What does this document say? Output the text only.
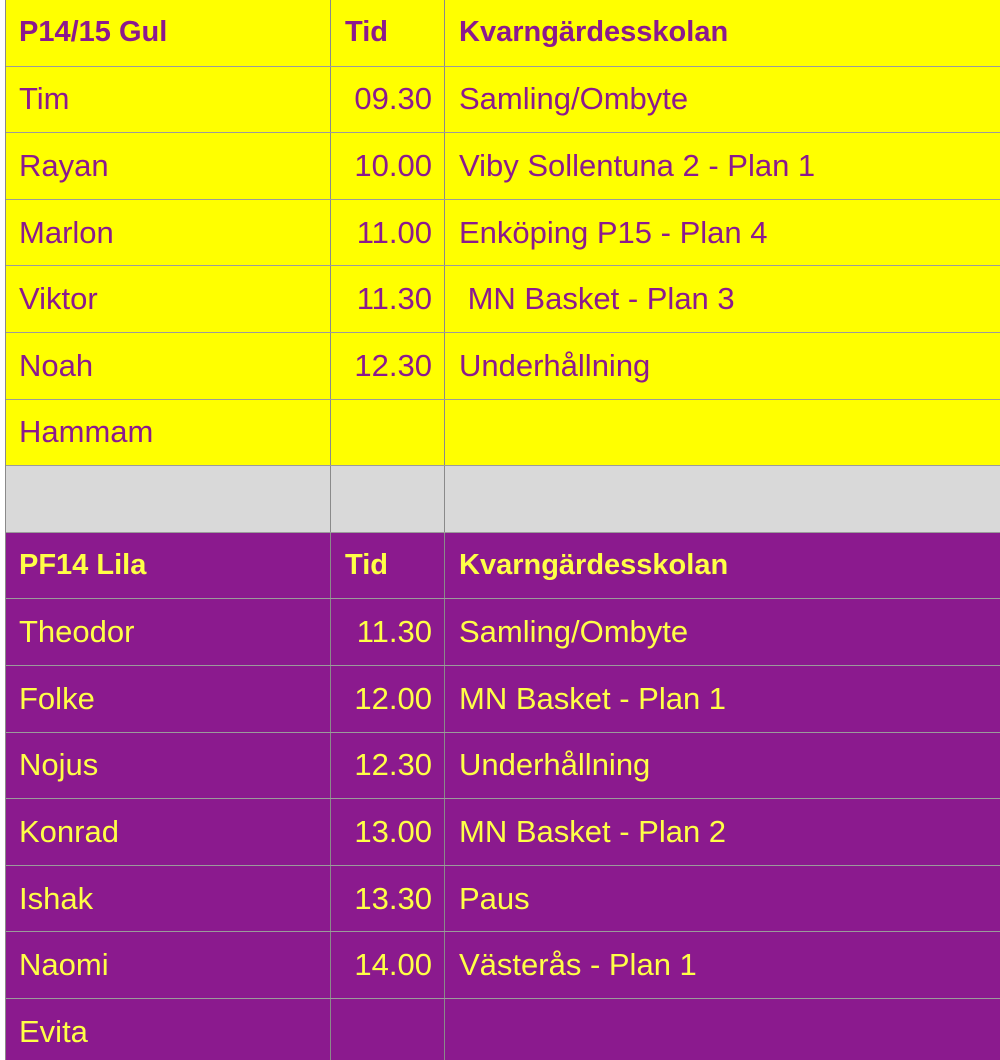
P14/15 Gul	Tid	Kvarngärdesskolan
Tim	09.30 Samling/Ombyte
Rayan	10.00 Viby Sollentuna 2 - Plan 1
Marlon	11.00 Enköping P15 - Plan 4
Viktor	11.30 MN Basket - Plan 3
Noah	12.30 Underhållning
Hammam
PF14 Lila	Tid	Kvarngärdesskolan
Theodor	11.30 Samling/Ombyte
Folke	12.00 MN Basket - Plan 1
Nojus	12.30 Underhållning
Konrad	13.00 MN Basket - Plan 2
Ishak	13.30 Paus
Naomi	14.00 Västerås - Plan 1
Evita
